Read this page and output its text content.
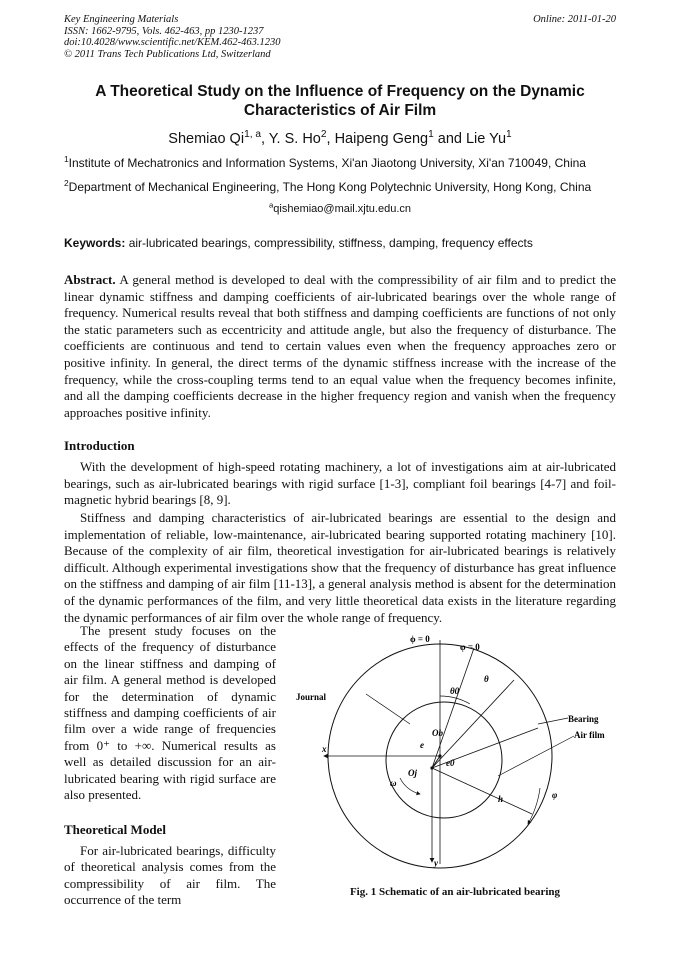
Key Engineering Materials
ISSN: 1662-9795, Vols. 462-463, pp 1230-1237
doi:10.4028/www.scientific.net/KEM.462-463.1230
© 2011 Trans Tech Publications Ltd, Switzerland
Online: 2011-01-20
A Theoretical Study on the Influence of Frequency on the Dynamic Characteristics of Air Film
Shemiao Qi$^{1, a}$, Y. S. Ho$^2$, Haipeng Geng$^1$ and Lie Yu$^1$
$^1$Institute of Mechatronics and Information Systems, Xi'an Jiaotong University, Xi'an 710049, China
$^2$Department of Mechanical Engineering, The Hong Kong Polytechnic University, Hong Kong, China
$^a$qishemiao@mail.xjtu.edu.cn
Keywords: air-lubricated bearings, compressibility, stiffness, damping, frequency effects
Abstract. A general method is developed to deal with the compressibility of air film and to predict the linear dynamic stiffness and damping coefficients of air-lubricated bearings over the whole range of frequency. Numerical results reveal that both stiffness and damping coefficients are functions of not only the static parameters such as eccentricity and attitude angle, but also the frequency of disturbance. The coefficients are continuous and tend to certain values even when the frequency approaches zero or positive infinity. In general, the direct terms of the dynamic stiffness increase with the increase of the frequency, while the cross-coupling terms tend to an equal value when the frequency becomes infinite, and all the damping coefficients decrease in the higher frequency region and vanish when the frequency approaches positive infinity.
Introduction
With the development of high-speed rotating machinery, a lot of investigations aim at air-lubricated bearings, such as air-lubricated bearings with rigid surface [1-3], compliant foil bearings [4-7] and foil-magnetic hybrid bearings [8, 9].
Stiffness and damping characteristics of air-lubricated bearings are essential to the design and implementation of reliable, low-maintenance, air-lubricated bearing supported rotating machinery [10]. Because of the complexity of air film, theoretical investigation for air-lubricated bearings is relatively difficult. Although experimental investigations show that the frequency of disturbance has great influence on the stiffness and damping of air film [11-13], a general analysis method is absent for the determination of the dynamic performances of the film, and very little theoretical data exists in the literature regarding the dynamic performances of air film over the whole range of frequency.
The present study focuses on the effects of the frequency of disturbance on the linear stiffness and damping of air film. A general method is developed for the determination of dynamic stiffness and damping coefficients of air film over a wide range of frequencies from 0⁺ to +∞. Numerical results as well as detailed discussion for an air-lubricated bearing with rigid surface are also presented.
Theoretical Model
For air-lubricated bearings, difficulty of theoretical analysis comes from the compressibility of air film. The occurrence of the term
ϕ = 0
φ = 0
Journal
Bearing
Air film
x
y
θ0
θ
Ob
Oj
e
e0
h
ω
φ
Fig. 1 Schematic of an air-lubricated bearing
